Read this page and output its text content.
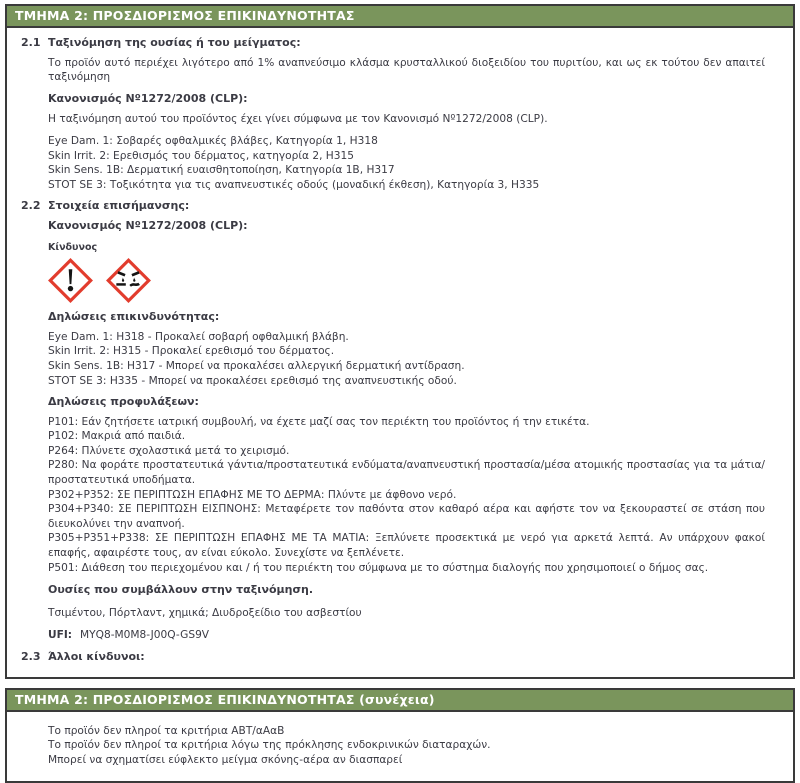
ΤΜΗΜΑ 2: ΠΡΟΣΔΙΟΡΙΣΜΟΣ ΕΠΙΚΙΝΔΥΝΟΤΗΤΑΣ
2.1 Ταξινόμηση της ουσίας ή του μείγματος:

Το προϊόν αυτό περιέχει λιγότερο από 1% αναπνεύσιμο κλάσμα κρυσταλλικού διοξειδίου του πυριτίου, και ως εκ τούτου δεν απαιτεί ταξινόμηση

Κανονισμός Nº1272/2008 (CLP):

Η ταξινόμηση αυτού του προϊόντος έχει γίνει σύμφωνα με τον Κανονισμό Nº1272/2008 (CLP).

Eye Dam. 1: Σοβαρές οφθαλμικές βλάβες, Κατηγορία 1, H318
Skin Irrit. 2: Ερεθισμός του δέρματος, κατηγορία 2, H315
Skin Sens. 1B: Δερματική ευαισθητοποίηση, Κατηγορία 1B, H317
STOT SE 3: Τοξικότητα για τις αναπνευστικές οδούς (μοναδική έκθεση), Κατηγορία 3, H335
2.2 Στοιχεία επισήμανσης:

Κανονισμός Nº1272/2008 (CLP):

Κίνδυνος

Δηλώσεις επικινδυνότητας:

Eye Dam. 1: H318 - Προκαλεί σοβαρή οφθαλμική βλάβη.
Skin Irrit. 2: H315 - Προκαλεί ερεθισμό του δέρματος.
Skin Sens. 1B: H317 - Μπορεί να προκαλέσει αλλεργική δερματική αντίδραση.
STOT SE 3: H335 - Μπορεί να προκαλέσει ερεθισμό της αναπνευστικής οδού.

Δηλώσεις προφυλάξεων:

P101: Εάν ζητήσετε ιατρική συμβουλή, να έχετε μαζί σας τον περιέκτη του προϊόντος ή την ετικέτα.
P102: Μακριά από παιδιά.
P264: Πλύνετε σχολαστικά μετά το χειρισμό.
P280: Να φοράτε προστατευτικά γάντια/προστατευτικά ενδύματα/αναπνευστική προστασία/μέσα ατομικής προστασίας για τα μάτια/προστατευτικά υποδήματα.
P302+P352: ΣΕ ΠΕΡΙΠΤΩΣΗ ΕΠΑΦΗΣ ΜΕ ΤΟ ΔΕΡΜΑ: Πλύντε με άφθονο νερό.
P304+P340: ΣΕ ΠΕΡΙΠΤΩΣΗ ΕΙΣΠΝΟΗΣ: Μεταφέρετε τον παθόντα στον καθαρό αέρα και αφήστε τον να ξεκουραστεί σε στάση που διευκολύνει την αναπνοή.
P305+P351+P338: ΣΕ ΠΕΡΙΠΤΩΣΗ ΕΠΑΦΗΣ ΜΕ ΤΑ ΜΑΤΙΑ: Ξεπλύνετε προσεκτικά με νερό για αρκετά λεπτά. Αν υπάρχουν φακοί επαφής, αφαιρέστε τους, αν είναι εύκολο. Συνεχίστε να ξεπλένετε.
P501: Διάθεση του περιεχομένου και / ή του περιέκτη του σύμφωνα με το σύστημα διαλογής που χρησιμοποιεί ο δήμος σας.

Ουσίες που συμβάλλουν στην ταξινόμηση.

Τσιμέντου, Πόρτλαντ, χημικά; Διυδροξείδιο του ασβεστίου

UFI: MYQ8-M0M8-J00Q-GS9V
2.3 Άλλοι κίνδυνοι:
ΤΜΗΜΑ 2: ΠΡΟΣΔΙΟΡΙΣΜΟΣ ΕΠΙΚΙΝΔΥΝΟΤΗΤΑΣ (συνέχεια)
Το προϊόν δεν πληροί τα κριτήρια ΑΒΤ/αΑαΒ
Το προϊόν δεν πληροί τα κριτήρια λόγω της πρόκλησης ενδοκρινικών διαταραχών.
Μπορεί να σχηματίσει εύφλεκτο μείγμα σκόνης-αέρα αν διασπαρεί
